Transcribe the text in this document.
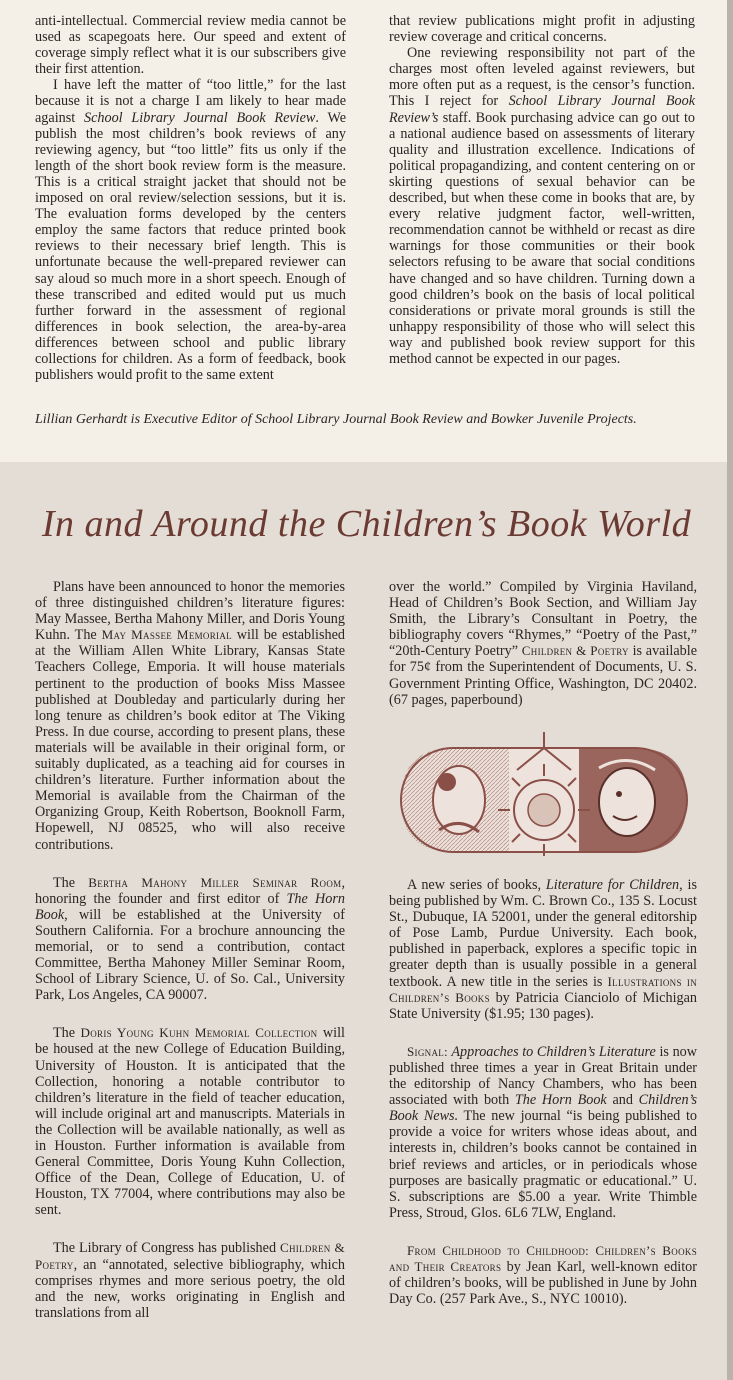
anti-intellectual. Commercial review media cannot be used as scapegoats here. Our speed and extent of coverage simply reflect what it is our subscribers give their first attention.

I have left the matter of “too little,” for the last because it is not a charge I am likely to hear made against School Library Journal Book Review. We publish the most children’s book reviews of any reviewing agency, but “too little” fits us only if the length of the short book review form is the measure. This is a critical straight jacket that should not be imposed on oral review/selection sessions, but it is. The evaluation forms developed by the centers employ the same factors that reduce printed book reviews to their necessary brief length. This is unfortunate because the well-prepared reviewer can say aloud so much more in a short speech. Enough of these transcribed and edited would put us much further forward in the assessment of regional differences in book selection, the area-by-area differences between school and public library collections for children. As a form of feedback, book publishers would profit to the same extent

that review publications might profit in adjusting review coverage and critical concerns.

One reviewing responsibility not part of the charges most often leveled against reviewers, but more often put as a request, is the censor’s function. This I reject for School Library Journal Book Review’s staff. Book purchasing advice can go out to a national audience based on assessments of literary quality and illustration excellence. Indications of political propagandizing, and content centering on or skirting questions of sexual behavior can be described, but when these come in books that are, by every relative judgment factor, well-written, recommendation cannot be withheld or recast as dire warnings for those communities or their book selectors refusing to be aware that social conditions have changed and so have children. Turning down a good children’s book on the basis of local political considerations or private moral grounds is still the unhappy responsibility of those who will select this way and published book review support for this method cannot be expected in our pages.

Lillian Gerhardt is Executive Editor of School Library Journal Book Review and Bowker Juvenile Projects.
In and Around the Children’s Book World

Plans have been announced to honor the memories of three distinguished children’s literature figures: May Massee, Bertha Mahony Miller, and Doris Young Kuhn. The May Massee Memorial will be established at the William Allen White Library, Kansas State Teachers College, Emporia. It will house materials pertinent to the production of books Miss Massee published at Doubleday and particularly during her long tenure as children’s book editor at The Viking Press. In due course, according to present plans, these materials will be available in their original form, or suitably duplicated, as a teaching aid for courses in children’s literature. Further information about the Memorial is available from the Chairman of the Organizing Group, Keith Robertson, Booknoll Farm, Hopewell, NJ 08525, who will also receive contributions.

The Bertha Mahony Miller Seminar Room, honoring the founder and first editor of The Horn Book, will be established at the University of Southern California. For a brochure announcing the memorial, or to send a contribution, contact Committee, Bertha Mahoney Miller Seminar Room, School of Library Science, U. of So. Cal., University Park, Los Angeles, CA 90007.

The Doris Young Kuhn Memorial Collection will be housed at the new College of Education Building, University of Houston. It is anticipated that the Collection, honoring a notable contributor to children’s literature in the field of teacher education, will include original art and manuscripts. Materials in the Collection will be available nationally, as well as in Houston. Further information is available from General Committee, Doris Young Kuhn Collection, Office of the Dean, College of Education, U. of Houston, TX 77004, where contributions may also be sent.

The Library of Congress has published Children & Poetry, an “annotated, selective bibliography, which comprises rhymes and more serious poetry, the old and the new, works originating in English and translations from all

over the world.” Compiled by Virginia Haviland, Head of Children’s Book Section, and William Jay Smith, the Library’s Consultant in Poetry, the bibliography covers “Rhymes,” “Poetry of the Past,” “20th-Century Poetry” Children & Poetry is available for 75¢ from the Superintendent of Documents, U. S. Government Printing Office, Washington, DC 20402. (67 pages, paperbound)

A new series of books, Literature for Children, is being published by Wm. C. Brown Co., 135 S. Locust St., Dubuque, IA 52001, under the general editorship of Pose Lamb, Purdue University. Each book, published in paperback, explores a specific topic in greater depth than is usually possible in a general textbook. A new title in the series is Illustrations in Children’s Books by Patricia Cianciolo of Michigan State University ($1.95; 130 pages).

Signal: Approaches to Children’s Literature is now published three times a year in Great Britain under the editorship of Nancy Chambers, who has been associated with both The Horn Book and Children’s Book News. The new journal “is being published to provide a voice for writers whose ideas about, and interests in, children’s books cannot be contained in brief reviews and articles, or in periodicals whose purposes are basically pragmatic or educational.” U. S. subscriptions are $5.00 a year. Write Thimble Press, Stroud, Glos. 6L6 7LW, England.

From Childhood to Childhood: Children’s Books and Their Creators by Jean Karl, well-known editor of children’s books, will be published in June by John Day Co. (257 Park Ave., S., NYC 10010).
